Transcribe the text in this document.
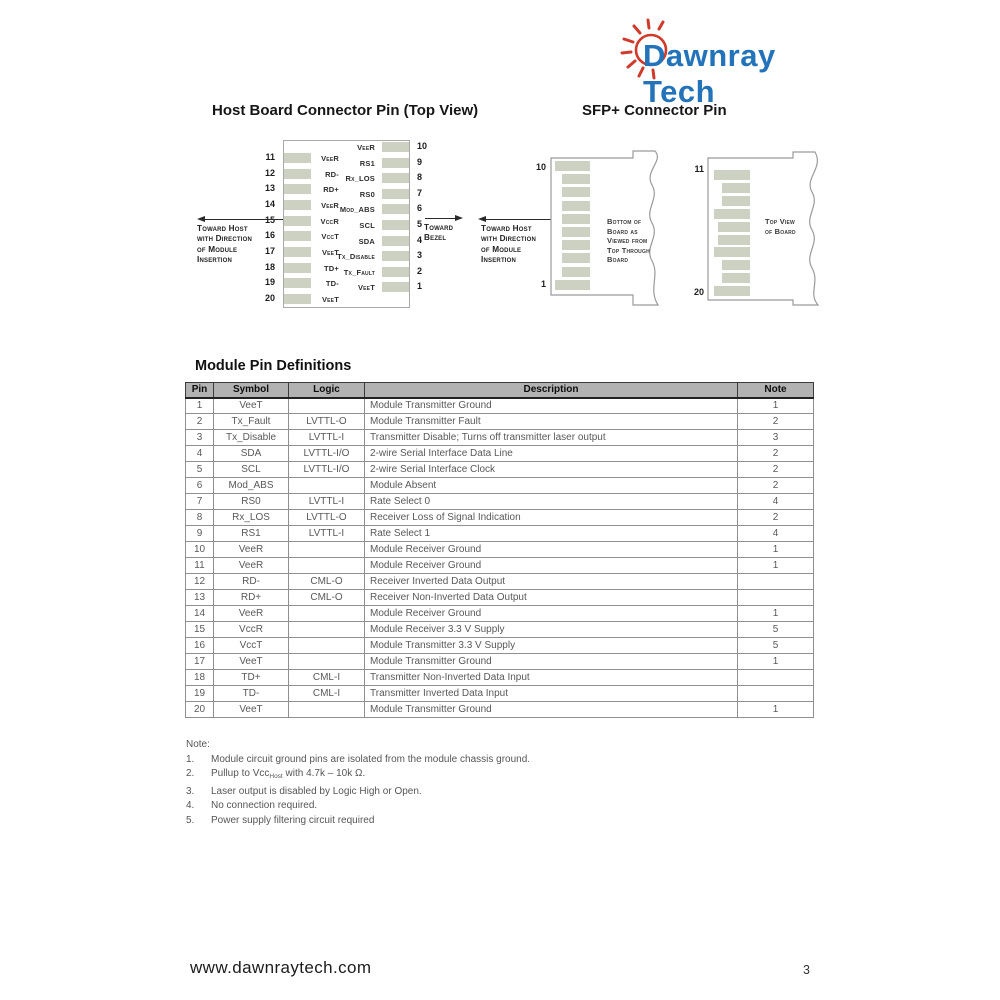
Dawnray Tech
Host Board Connector Pin (Top View)	SFP+ Connector Pin
11	VeeR
12	RD-
13	RD+
14	VeeR
15	VccR
16	VccT
17	VeeT
18	TD+
19	TD-
20	VeeT
10
VeeR
9
RS1
8
Rx_LOS
7
RS0
6
Mod_ABS
5
SCL
4
SDA
3
Tx_Disable
2
Tx_Fault
1
VeeT
Toward Host
with Direction
of Module
Insertion
Toward
Bezel
Toward Host
with Direction
of Module
Insertion
10
1
Bottom of
Board as
Viewed from
Top Through
Board
11
20
Top View
of Board
Module Pin Definitions
Pin	Symbol	Logic	Description	Note
1	VeeT		Module Transmitter Ground	1
2	Tx_Fault	LVTTL-O	Module Transmitter Fault	2
3	Tx_Disable	LVTTL-I	Transmitter Disable; Turns off transmitter laser output	3
4	SDA	LVTTL-I/O	2-wire Serial Interface Data Line	2
5	SCL	LVTTL-I/O	2-wire Serial Interface Clock	2
6	Mod_ABS		Module Absent	2
7	RS0	LVTTL-I	Rate Select 0	4
8	Rx_LOS	LVTTL-O	Receiver Loss of Signal Indication	2
9	RS1	LVTTL-I	Rate Select 1	4
10	VeeR		Module Receiver Ground	1
11	VeeR		Module Receiver Ground	1
12	RD-	CML-O	Receiver Inverted Data Output	
13	RD+	CML-O	Receiver Non-Inverted Data Output	
14	VeeR		Module Receiver Ground	1
15	VccR		Module Receiver 3.3 V Supply	5
16	VccT		Module Transmitter 3.3 V Supply	5
17	VeeT		Module Transmitter Ground	1
18	TD+	CML-I	Transmitter Non-Inverted Data Input	
19	TD-	CML-I	Transmitter Inverted Data Input	
20	VeeT		Module Transmitter Ground	1
Note:
1.	Module circuit ground pins are isolated from the module chassis ground.
2.	Pullup to Vcc$_{Host}$ with 4.7k – 10k Ω.
3.	Laser output is disabled by Logic High or Open.
4.	No connection required.
5.	Power supply filtering circuit required
www.dawnraytech.com	3
